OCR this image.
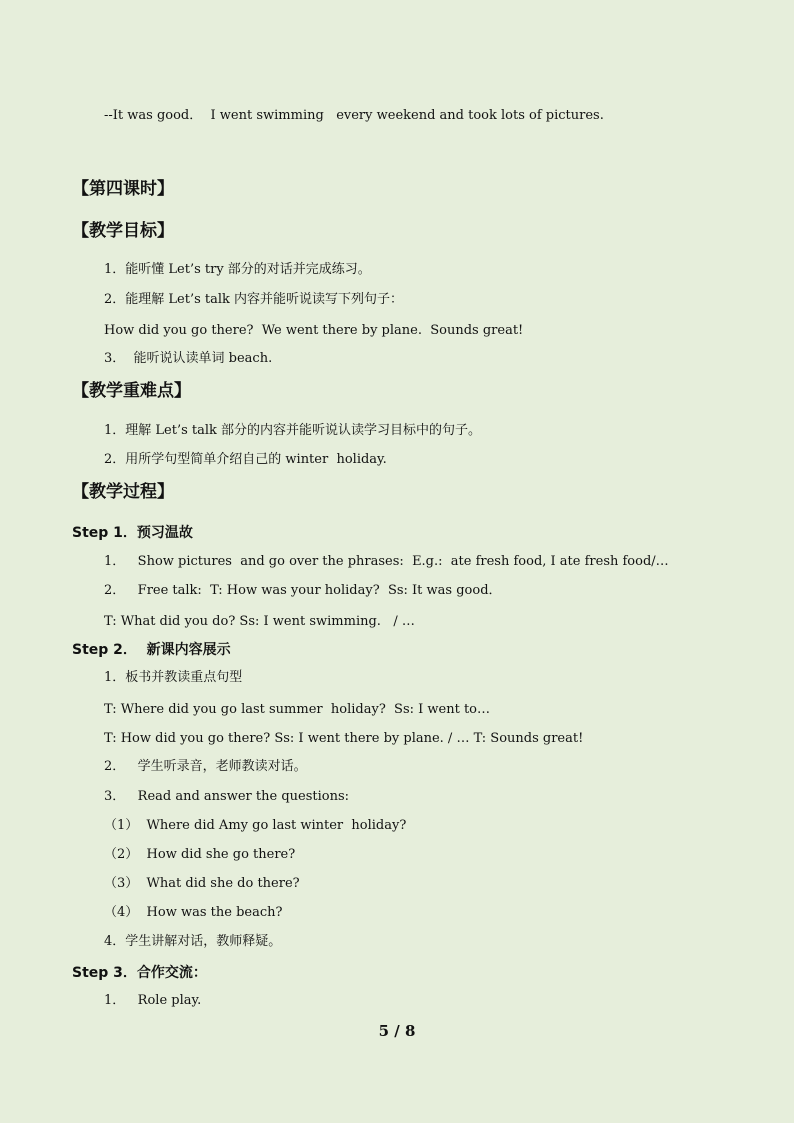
--It was good．  I went swimming   every weekend and took lots of pictures.
【第四课时】
【教学目标】
1．能听懂 Let’s try 部分的对话并完成练习。
2．能理解 Let’s talk 内容并能听说读写下列句子：
How did you go there?  We went there by plane.  Sounds great!
3．  能听说认读单词 beach.
【教学重难点】
1．理解 Let’s talk 部分的内容并能听说认读学习目标中的句子。
2．用所学句型简单介绍自己的 winter  holiday.
【教学过程】
Step 1．预习温故
1．   Show pictures  and go over the phrases:  E.g.:  ate fresh food, I ate fresh food/…
2．   Free talk:  T: How was your holiday?  Ss: It was good．
T: What did you do? Ss: I went swimming.   / …
Step 2．  新课内容展示
1．板书并教读重点句型
T: Where did you go last summer  holiday?  Ss: I went to…
T: How did you go there? Ss: I went there by plane. / … T: Sounds great!
2．   学生听录音，老师教读对话。
3．   Read and answer the questions:
（1）  Where did Amy go last winter  holiday?
（2）  How did she go there?
（3）  What did she do there?
（4）  How was the beach?
4．学生讲解对话，教师释疑。
Step 3．合作交流：
1．   Role play.
5 / 8
